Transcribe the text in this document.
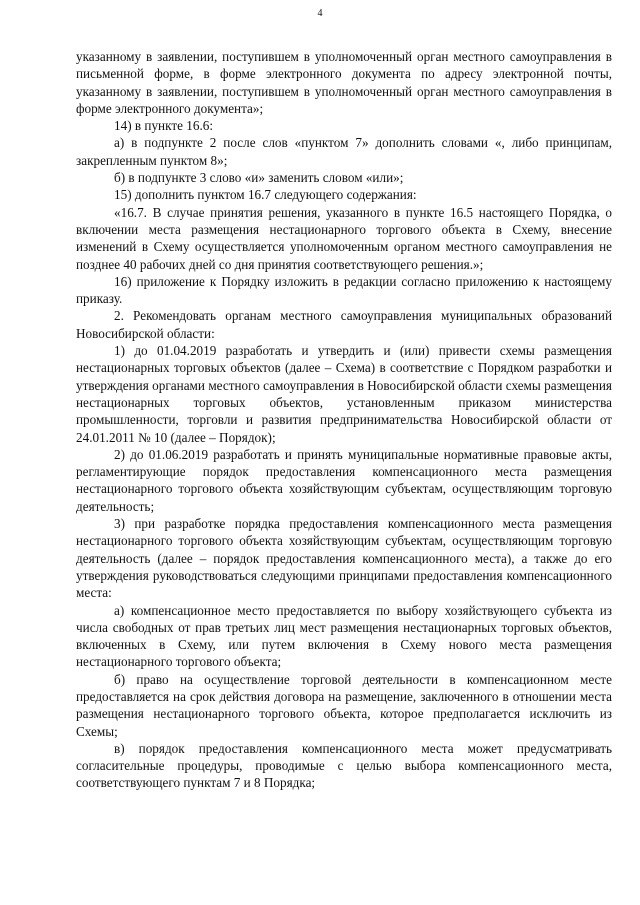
4

указанному в заявлении, поступившем в уполномоченный орган местного самоуправления в письменной форме, в форме электронного документа по адресу электронной почты, указанному в заявлении, поступившем в уполномоченный орган местного самоуправления в форме электронного документа»;

14) в пункте 16.6:

а) в подпункте 2 после слов «пунктом 7» дополнить словами «, либо принципам, закрепленным пунктом 8»;

б) в подпункте 3 слово «и» заменить словом «или»;

15) дополнить пунктом 16.7 следующего содержания:

«16.7. В случае принятия решения, указанного в пункте 16.5 настоящего Порядка, о включении места размещения нестационарного торгового объекта в Схему, внесение изменений в Схему осуществляется уполномоченным органом местного самоуправления не позднее 40 рабочих дней со дня принятия соответствующего решения.»;

16) приложение к Порядку изложить в редакции согласно приложению к настоящему приказу.

2. Рекомендовать органам местного самоуправления муниципальных образований Новосибирской области:

1) до 01.04.2019 разработать и утвердить и (или) привести схемы размещения нестационарных торговых объектов (далее – Схема) в соответствие с Порядком разработки и утверждения органами местного самоуправления в Новосибирской области схемы размещения нестационарных торговых объектов, установленным приказом министерства промышленности, торговли и развития предпринимательства Новосибирской области от 24.01.2011 № 10 (далее – Порядок);

2) до 01.06.2019 разработать и принять муниципальные нормативные правовые акты, регламентирующие порядок предоставления компенсационного места размещения нестационарного торгового объекта хозяйствующим субъектам, осуществляющим торговую деятельность;

3) при разработке порядка предоставления компенсационного места размещения нестационарного торгового объекта хозяйствующим субъектам, осуществляющим торговую деятельность (далее – порядок предоставления компенсационного места), а также до его утверждения руководствоваться следующими принципами предоставления компенсационного места:

а) компенсационное место предоставляется по выбору хозяйствующего субъекта из числа свободных от прав третьих лиц мест размещения нестационарных торговых объектов, включенных в Схему, или путем включения в Схему нового места размещения нестационарного торгового объекта;

б) право на осуществление торговой деятельности в компенсационном месте предоставляется на срок действия договора на размещение, заключенного в отношении места размещения нестационарного торгового объекта, которое предполагается исключить из Схемы;

в) порядок предоставления компенсационного места может предусматривать согласительные процедуры, проводимые с целью выбора компенсационного места, соответствующего пунктам 7 и 8 Порядка;
